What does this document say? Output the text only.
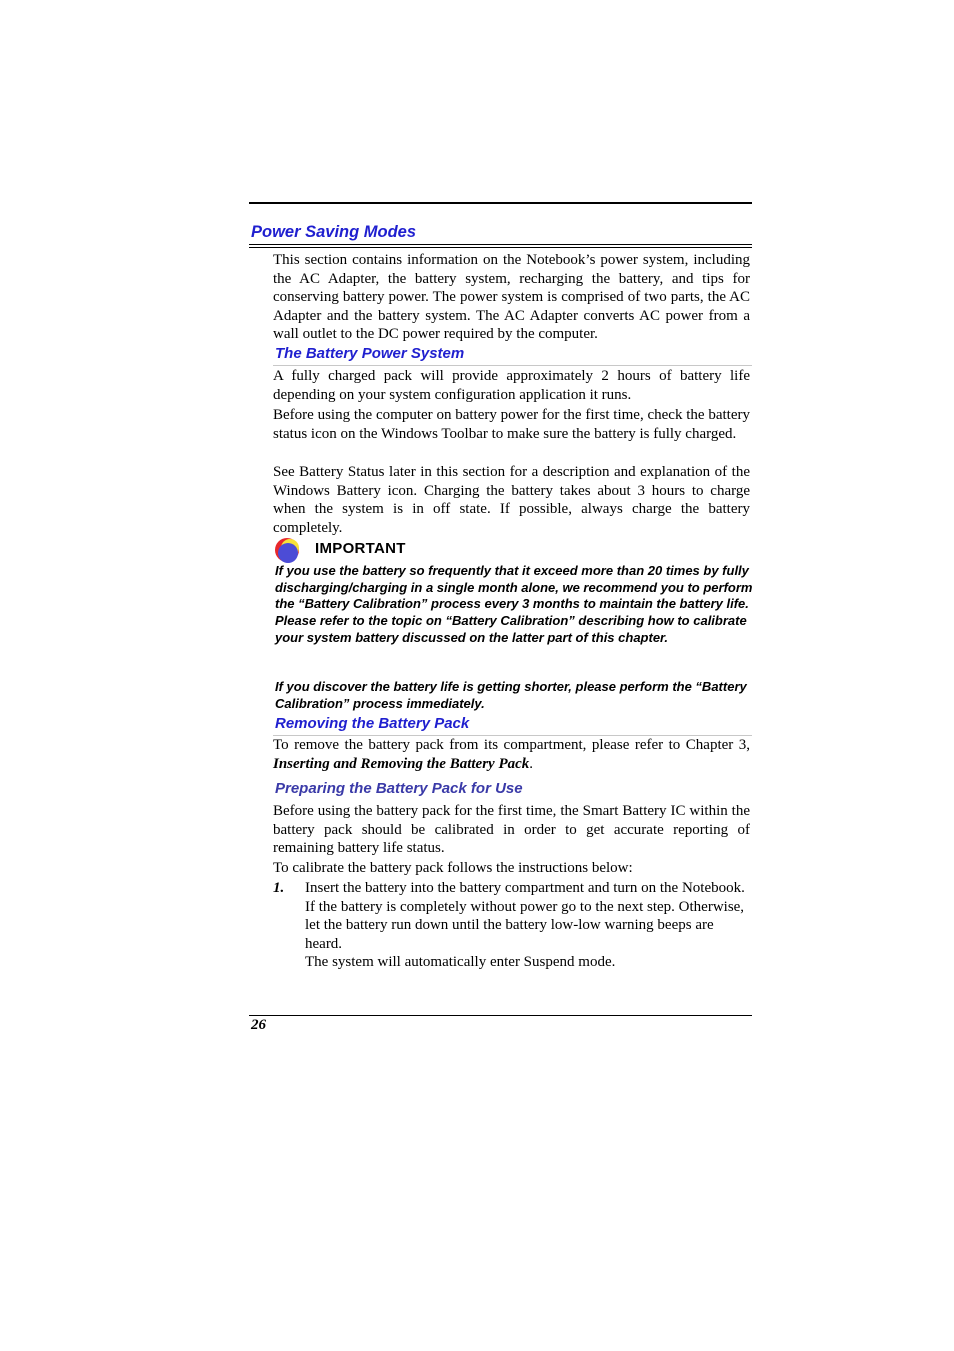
Power Saving Modes

This section contains information on the Notebook’s power system, including the AC Adapter, the battery system, recharging the battery, and tips for conserving battery power. The power system is comprised of two parts, the AC Adapter and the battery system. The AC Adapter converts AC power from a wall outlet to the DC power required by the computer.

The Battery Power System

A fully charged pack will provide approximately 2 hours of battery life depending on your system configuration application it runs.

Before using the computer on battery power for the first time, check the battery status icon on the Windows Toolbar to make sure the battery is fully charged.

See Battery Status later in this section for a description and explanation of the Windows Battery icon. Charging the battery takes about 3 hours to charge when the system is in off state. If possible, always charge the battery completely.

IMPORTANT

If you use the battery so frequently that it exceed more than 20 times by fully discharging/charging in a single month alone, we recommend you to perform the “Battery Calibration” process every 3 months to maintain the battery life. Please refer to the topic on “Battery Calibration” describing how to calibrate your system battery discussed on the latter part of this chapter.

If you discover the battery life is getting shorter, please perform the “Battery Calibration” process immediately.

Removing the Battery Pack

To remove the battery pack from its compartment, please refer to Chapter 3, Inserting and Removing the Battery Pack.

Preparing the Battery Pack for Use

Before using the battery pack for the first time, the Smart Battery IC within the battery pack should be calibrated in order to get accurate reporting of remaining battery life status.

To calibrate the battery pack follows the instructions below:

1. Insert the battery into the battery compartment and turn on the Notebook. If the battery is completely without power go to the next step. Otherwise, let the battery run down until the battery low-low warning beeps are heard.
The system will automatically enter Suspend mode.
26
